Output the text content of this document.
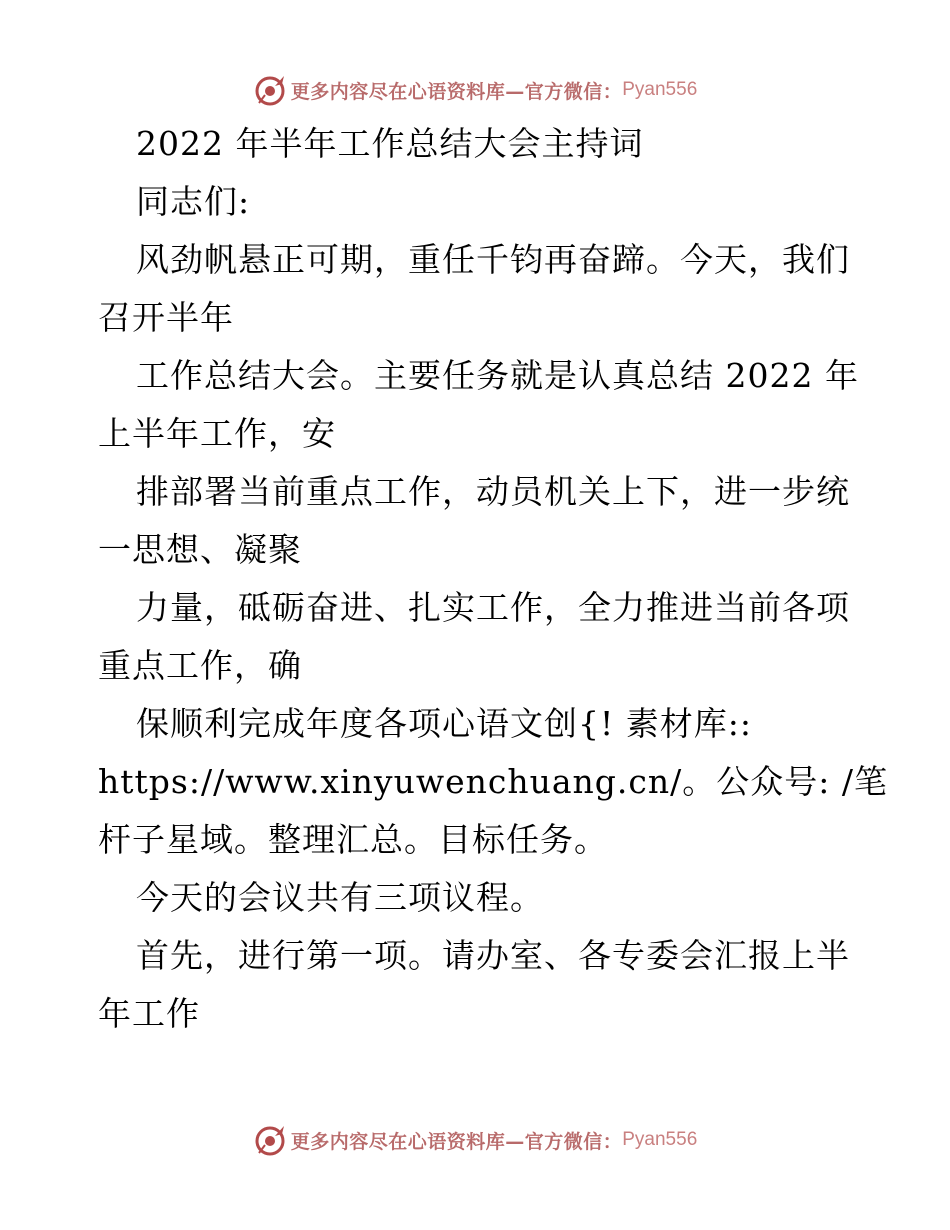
更多内容尽在心语资料库—官方微信： Pyan556
2022 年半年工作总结大会主持词
同志们:
风劲帆悬正可期，重任千钧再奋蹄。今天，我们
召开半年
工作总结大会。主要任务就是认真总结 2022 年
上半年工作，安
排部署当前重点工作，动员机关上下，进一步统
一思想、凝聚
力量，砥砺奋进、扎实工作，全力推进当前各项
重点工作，确
保顺利完成年度各项心语文创{! 素材库::
https://www.xinyuwenchuang.cn/。公众号: /笔
杆子星域。整理汇总。目标任务。
今天的会议共有三项议程。
首先，进行第一项。请办室、各专委会汇报上半
年工作
更多内容尽在心语资料库—官方微信： Pyan556
